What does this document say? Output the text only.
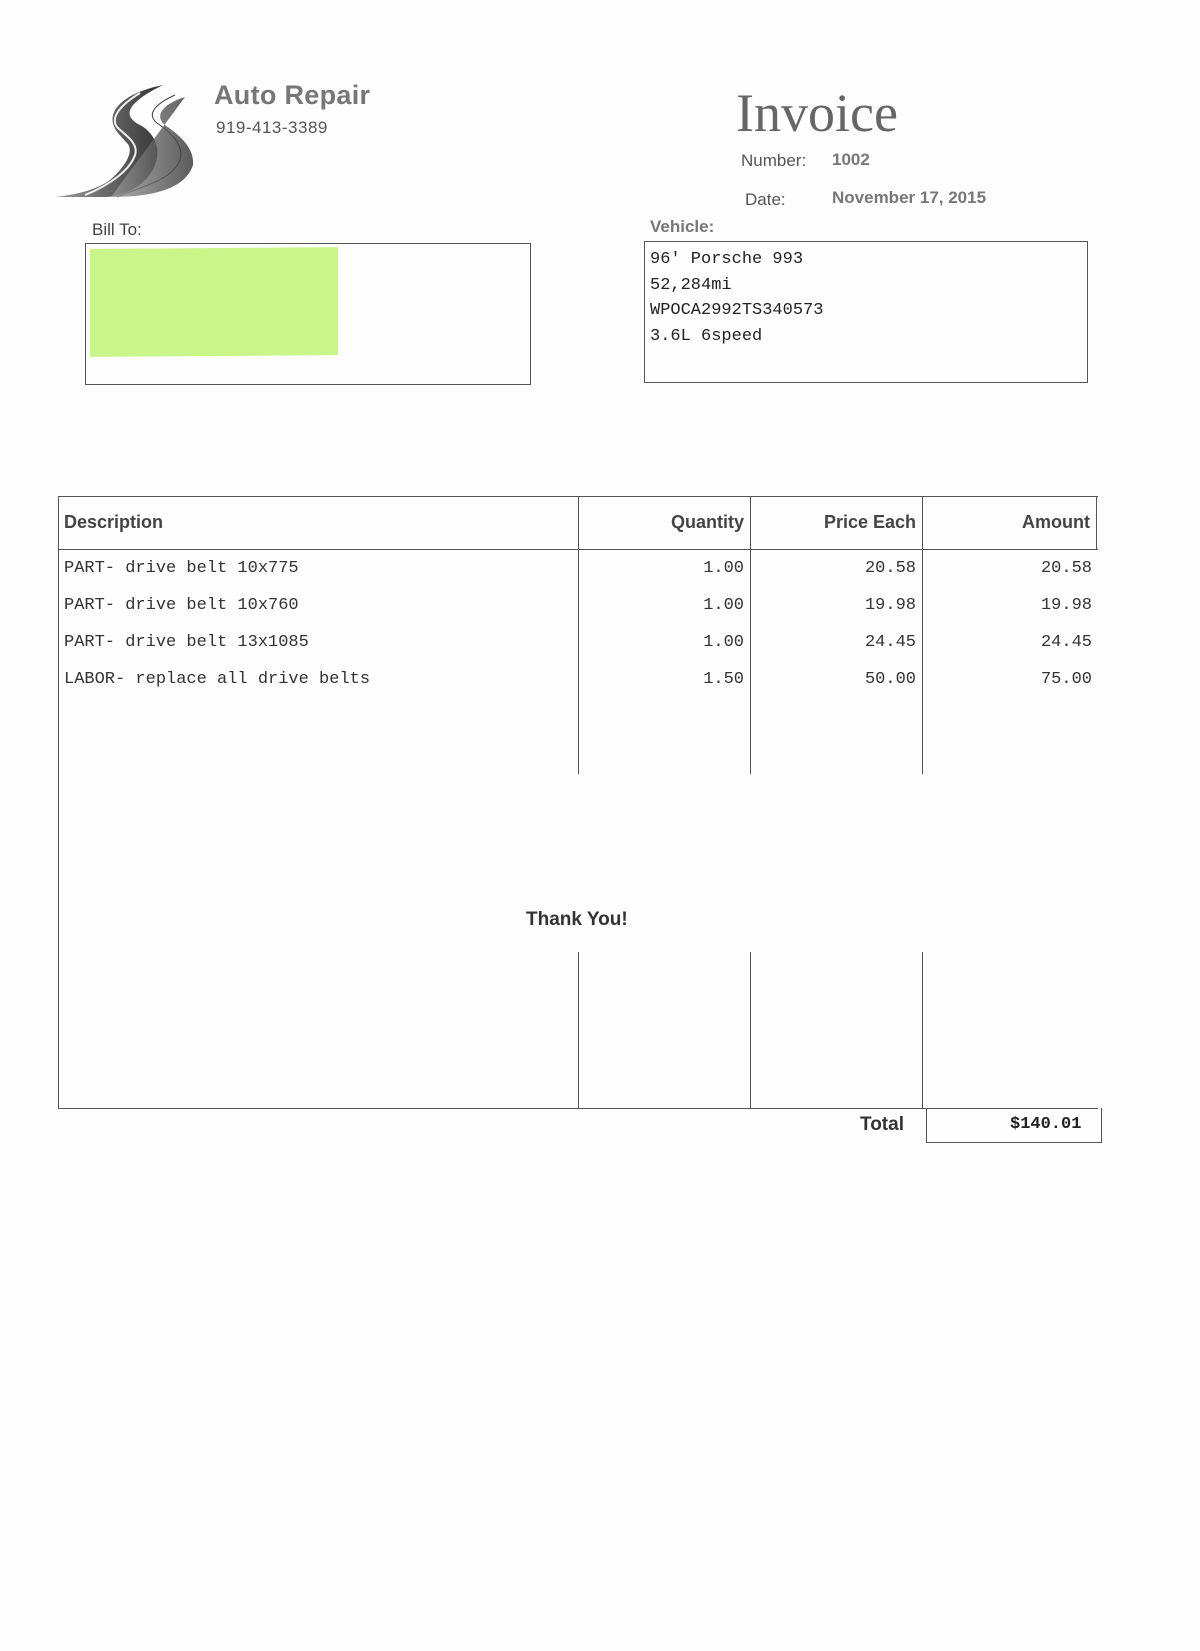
Auto Repair
919-413-3389	Invoice
Number: 1002
Date:	November 17, 2015
Bill To:	Vehicle:
96' Porsche 993
52,284mi
WPOCA2992TS340573
3.6L 6speed
Description	Quantity	Price Each	Amount
PART- drive belt 10x775	1.00	20.58	20.58
PART- drive belt 10x760	1.00	19.98	19.98
PART- drive belt 13x1085	1.00	24.45	24.45
LABOR- replace all drive belts	1.50	50.00	75.00
Thank You!
Total	$140.01
